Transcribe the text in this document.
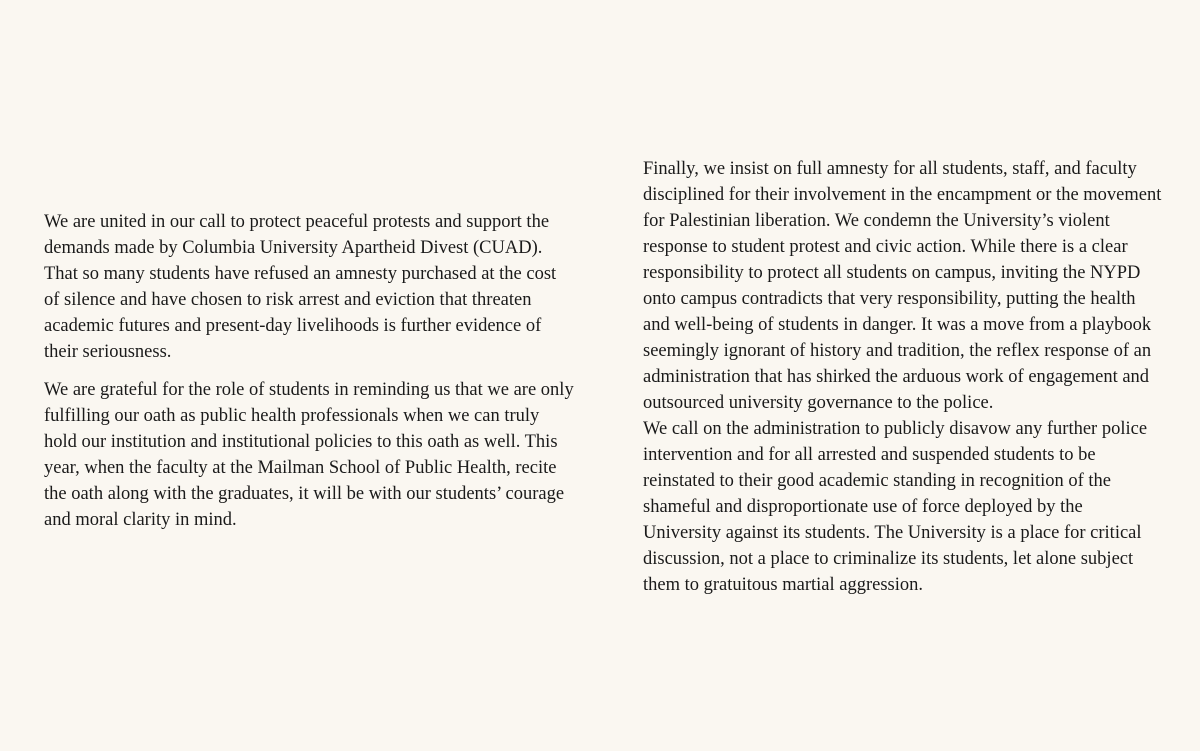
We are united in our call to protect peaceful protests and support the demands made by Columbia University Apartheid Divest (CUAD). That so many students have refused an amnesty purchased at the cost of silence and have chosen to risk arrest and eviction that threaten academic futures and present-day livelihoods is further evidence of their seriousness.

We are grateful for the role of students in reminding us that we are only fulfilling our oath as public health professionals when we can truly hold our institution and institutional policies to this oath as well. This year, when the faculty at the Mailman School of Public Health, recite the oath along with the graduates, it will be with our students’ courage and moral clarity in mind.

Finally, we insist on full amnesty for all students, staff, and faculty disciplined for their involvement in the encampment or the movement for Palestinian liberation. We condemn the University’s violent response to student protest and civic action. While there is a clear responsibility to protect all students on campus, inviting the NYPD onto campus contradicts that very responsibility, putting the health and well-being of students in danger. It was a move from a playbook seemingly ignorant of history and tradition, the reflex response of an administration that has shirked the arduous work of engagement and outsourced university governance to the police.

We call on the administration to publicly disavow any further police intervention and for all arrested and suspended students to be reinstated to their good academic standing in recognition of the shameful and disproportionate use of force deployed by the University against its students. The University is a place for critical discussion, not a place to criminalize its students, let alone subject them to gratuitous martial aggression.
